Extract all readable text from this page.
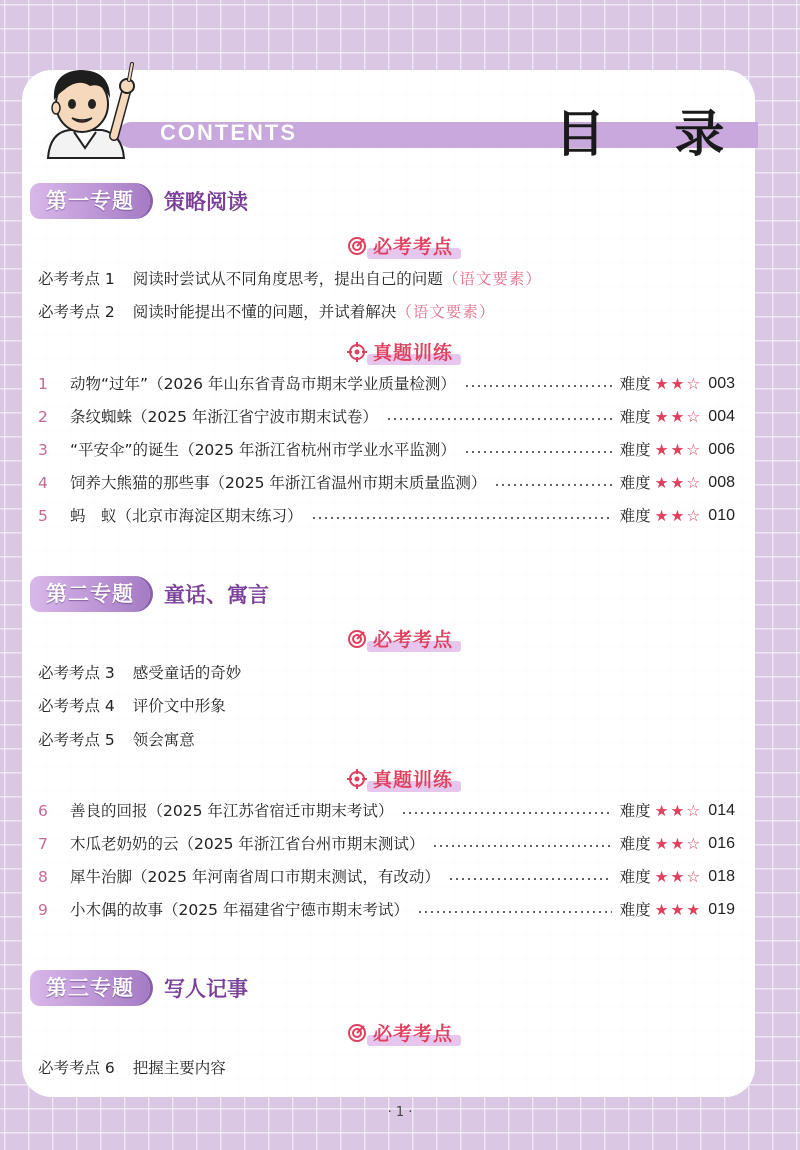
CONTENTS	目 录
第一专题	策略阅读
必考考点
必考考点 1 阅读时尝试从不同角度思考，提出自己的问题（语文要素）
必考考点 2 阅读时能提出不懂的问题，并试着解决（语文要素）
真题训练
1	动物“过年” （2026 年山东省青岛市期末学业质量检测）	难度 ★★☆ 003
2	条纹蜘蛛 （2025 年浙江省宁波市期末试卷）	难度 ★★☆ 004
3	“平安伞”的诞生 （2025 年浙江省杭州市学业水平监测）	难度 ★★☆ 006
4	饲养大熊猫的那些事 （2025 年浙江省温州市期末质量监测）	难度 ★★☆ 008
5	蚂　蚁 （北京市海淀区期末练习）	难度 ★★☆ 010
第二专题	童话、寓言
必考考点
必考考点 3 感受童话的奇妙
必考考点 4 评价文中形象
必考考点 5 领会寓意
真题训练
6	善良的回报 （2025 年江苏省宿迁市期末考试）	难度 ★★☆ 014
7	木瓜老奶奶的云 （2025 年浙江省台州市期末测试）	难度 ★★☆ 016
8	犀牛治脚 （2025 年河南省周口市期末测试，有改动）	难度 ★★☆ 018
9	小木偶的故事 （2025 年福建省宁德市期末考试）	难度 ★★★ 019
第三专题	写人记事
必考考点
必考考点 6 把握主要内容
· 1 ·
